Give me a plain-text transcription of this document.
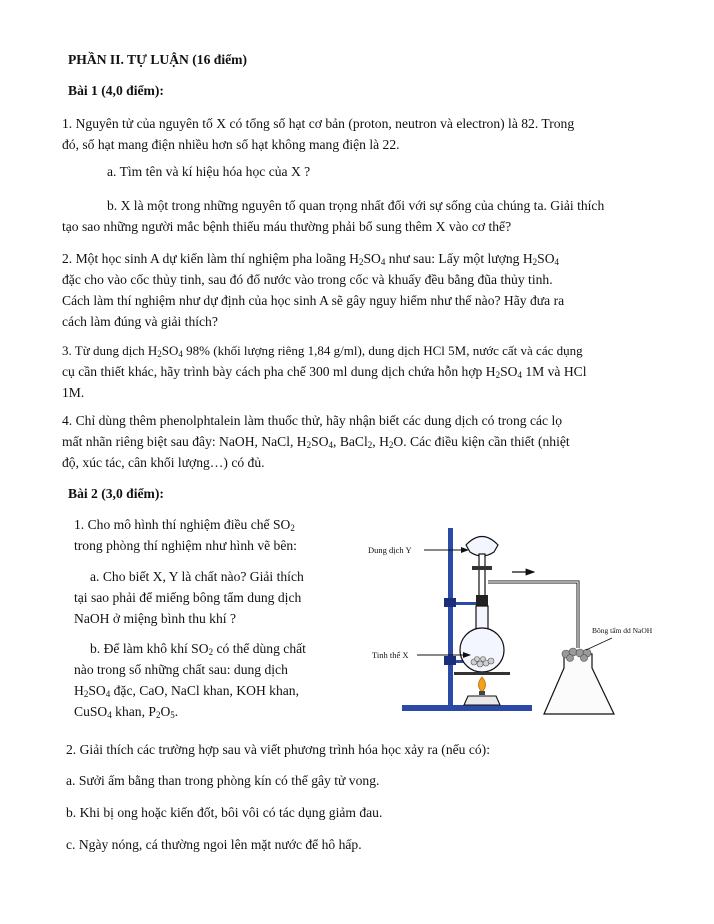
PHẦN II. TỰ LUẬN (16 điểm)
Bài 1 (4,0 điểm):
1. Nguyên tử của nguyên tố X có tổng số hạt cơ bản (proton, neutron và electron) là 82. Trong
đó, số hạt mang điện nhiều hơn số hạt không mang điện là 22.
a. Tìm tên và kí hiệu hóa học của X ?
b. X là một trong những nguyên tố quan trọng nhất đối với sự sống của chúng ta. Giải thích
tạo sao những người mắc bệnh thiếu máu thường phải bổ sung thêm X vào cơ thể?
2. Một học sinh A dự kiến làm thí nghiệm pha loãng $H_2SO_4$ như sau: Lấy một lượng $H_2SO_4$
đặc cho vào cốc thủy tinh, sau đó đổ nước vào trong cốc và khuấy đều bằng đũa thủy tinh.
Cách làm thí nghiệm như dự định của học sinh A sẽ gây nguy hiểm như thế nào? Hãy đưa ra
cách làm đúng và giải thích?
3. Từ dung dịch $H_2SO_4$ 98% (khối lượng riêng 1,84 g/ml), dung dịch HCl 5M, nước cất và các dụng
cụ cần thiết khác, hãy trình bày cách pha chế 300 ml dung dịch chứa hỗn hợp $H_2SO_4$ 1M và HCl
1M.
4. Chỉ dùng thêm phenolphtalein làm thuốc thử, hãy nhận biết các dung dịch có trong các lọ
mất nhãn riêng biệt sau đây: NaOH, NaCl, $H_2SO_4$, BaCl$_2$, $H_2O$. Các điều kiện cần thiết (nhiệt
độ, xúc tác, cân khối lượng…) có đủ.
Bài 2 (3,0 điểm):
1. Cho mô hình thí nghiệm điều chế $SO_2$
trong phòng thí nghiệm như hình vẽ bên:
a. Cho biết X, Y là chất nào? Giải thích
tại sao phải để miếng bông tẩm dung dịch
NaOH ở miệng bình thu khí ?
b. Để làm khô khí $SO_2$ có thể dùng chất
nào trong số những chất sau: dung dịch
$H_2SO_4$ đặc, CaO, NaCl khan, KOH khan,
CuSO$_4$ khan, $P_2O_5$.
Dung dịch Y
Tinh thể X
Bông tẩm dd NaOH
2. Giải thích các trường hợp sau và viết phương trình hóa học xảy ra (nếu có):
a. Sưởi ấm bằng than trong phòng kín có thể gây tử vong.
b. Khi bị ong hoặc kiến đốt, bôi vôi có tác dụng giảm đau.
c. Ngày nóng, cá thường ngoi lên mặt nước để hô hấp.
